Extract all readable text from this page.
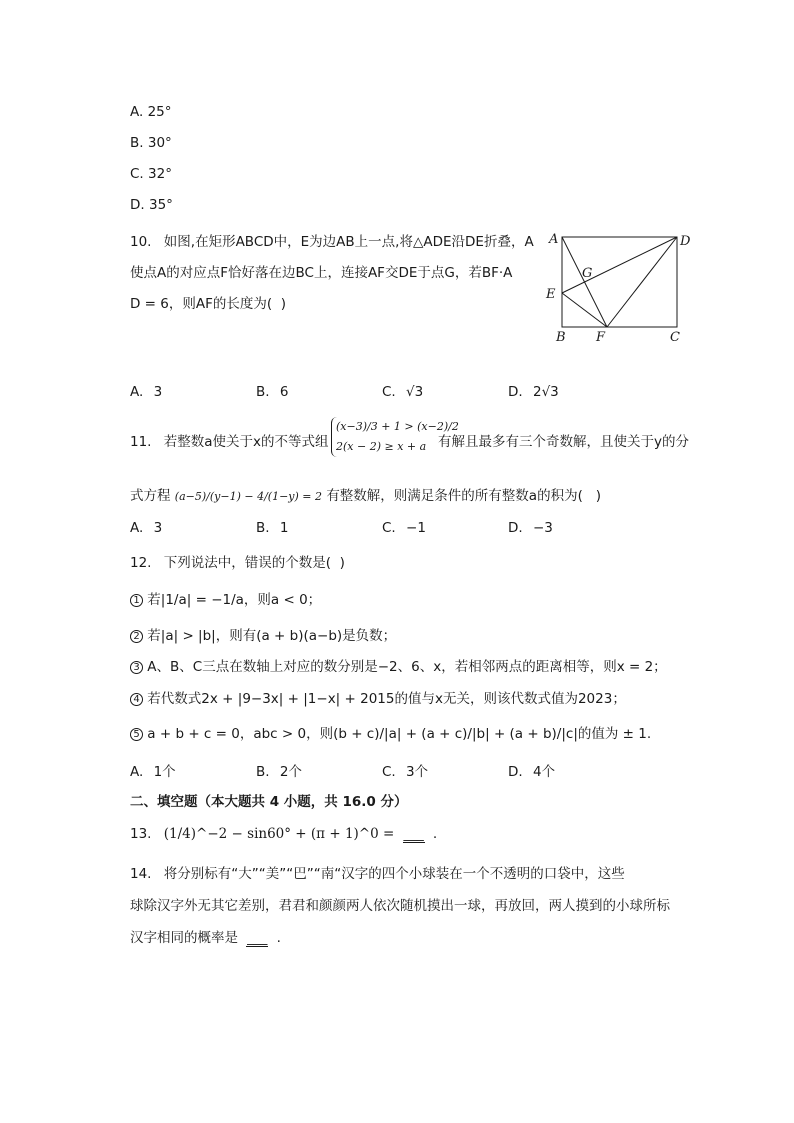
A. 25°
B. 30°
C. 32°
D. 35°
10. 如图,在矩形ABCD中，E为边AB上一点,将△ADE沿DE折叠，A
使点A的对应点F恰好落在边BC上，连接AF交DE于点G，若BF·A
D = 6，则AF的长度为(  )
A	D
G
E
B F	C
A. 3	B. 6	C. √3	D. 2√3
11. 若整数a使关于x的不等式组
(x−3)/3 + 1 > (x−2)/2
2(x − 2) ≥ x + a 有解且最多有三个奇数解，且使关于y的分
式方程 (a−5)/(y−1) − 4/(1−y) = 2 有整数解，则满足条件的所有整数a的积为(   )
A. 3	B. 1	C. −1	D. −3
12. 下列说法中，错误的个数是(  )
1 若|1/a| = −1/a，则a < 0；
2 若|a| > |b|，则有(a + b)(a−b)是负数；
3 A、B、C三点在数轴上对应的数分别是−2、6、x，若相邻两点的距离相等，则x = 2；
4 若代数式2x + |9−3x| + |1−x| + 2015的值与x无关，则该代数式值为2023；
5 a + b + c = 0，abc > 0，则(b + c)/|a| + (a + c)/|b| + (a + b)/|c|的值为 ± 1.
A. 1个	B. 2个	C. 3个	D. 4个
二、填空题（本大题共 4 小题，共 16.0 分）
13. (1/4)^−2 − sin60° + (π + 1)^0 = ___ .
14. 将分别标有“大”“美”“巴”“南“汉字的四个小球装在一个不透明的口袋中，这些
球除汉字外无其它差别，君君和颜颜两人依次随机摸出一球，再放回，两人摸到的小球所标
汉字相同的概率是 ___ .
